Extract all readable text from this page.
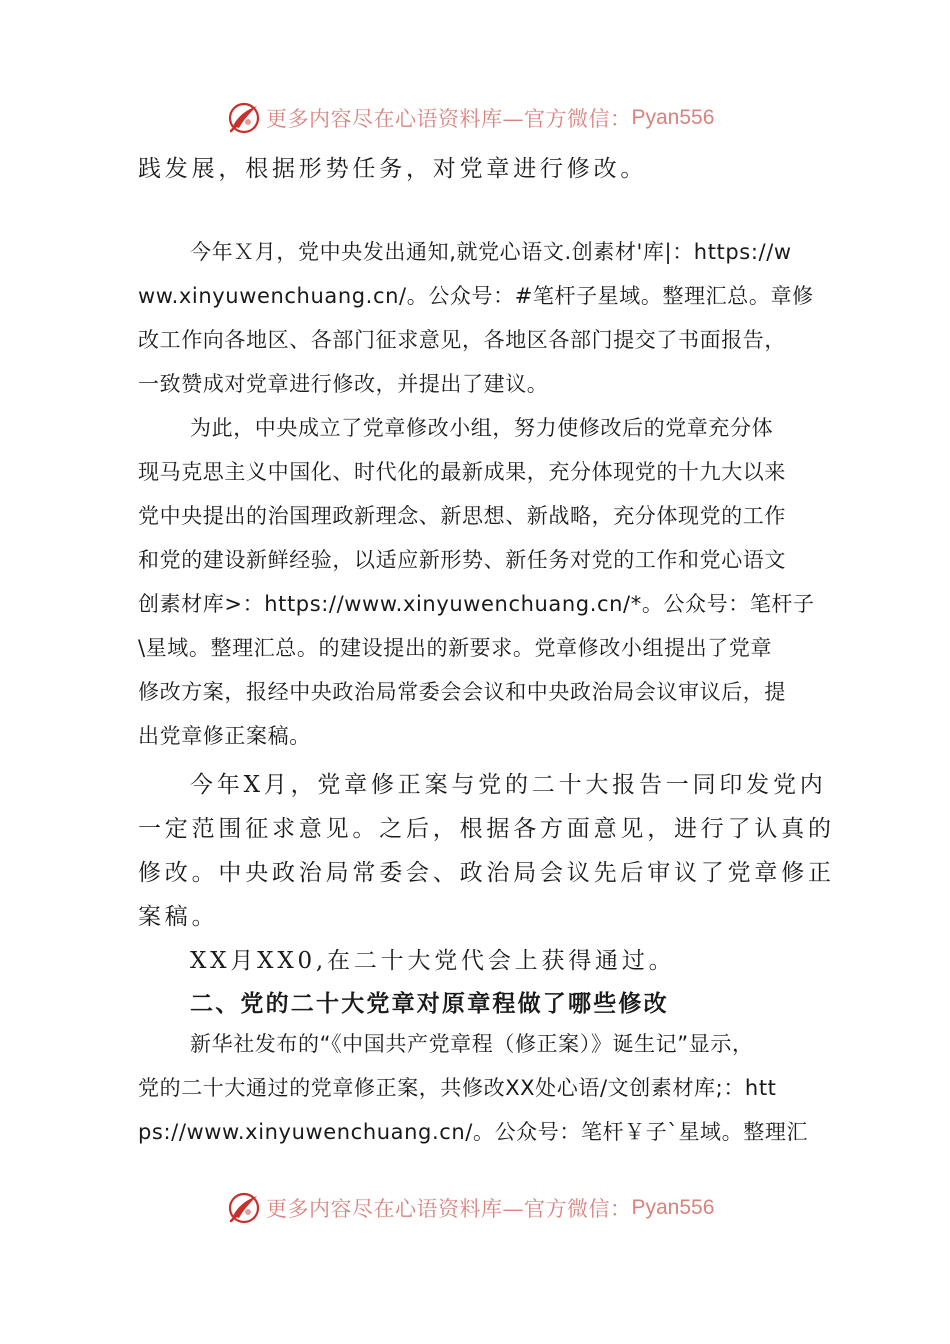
更多内容尽在心语资料库—官方微信： Pyan556
践发展，根据形势任务，对党章进行修改。
今年Ｘ月，党中央发出通知,就党心语文.创素材'库|：https://w
ww.xinyuwenchuang.cn/。公众号：#笔杆子星域。整理汇总。章修
改工作向各地区、各部门征求意见，各地区各部门提交了书面报告，
一致赞成对党章进行修改，并提出了建议。
为此，中央成立了党章修改小组，努力使修改后的党章充分体
现马克思主义中国化、时代化的最新成果，充分体现党的十九大以来
党中央提出的治国理政新理念、新思想、新战略，充分体现党的工作
和党的建设新鲜经验，以适应新形势、新任务对党的工作和党心语文
创素材库>：https://www.xinyuwenchuang.cn/*。公众号：笔杆子
\星域。整理汇总。的建设提出的新要求。党章修改小组提出了党章
修改方案，报经中央政治局常委会会议和中央政治局会议审议后，提
出党章修正案稿。
今年X月，党章修正案与党的二十大报告一同印发党内
一定范围征求意见。之后，根据各方面意见，进行了认真的
修改。中央政治局常委会、政治局会议先后审议了党章修正
案稿。
XX月XX0,在二十大党代会上获得通过。
二、党的二十大党章对原章程做了哪些修改
新华社发布的“《中国共产党章程（修正案）》诞生记”显示，
党的二十大通过的党章修正案，共修改XX处心语/文创素材库;：htt
ps://www.xinyuwenchuang.cn/。公众号：笔杆￥子`星域。整理汇
更多内容尽在心语资料库—官方微信： Pyan556
